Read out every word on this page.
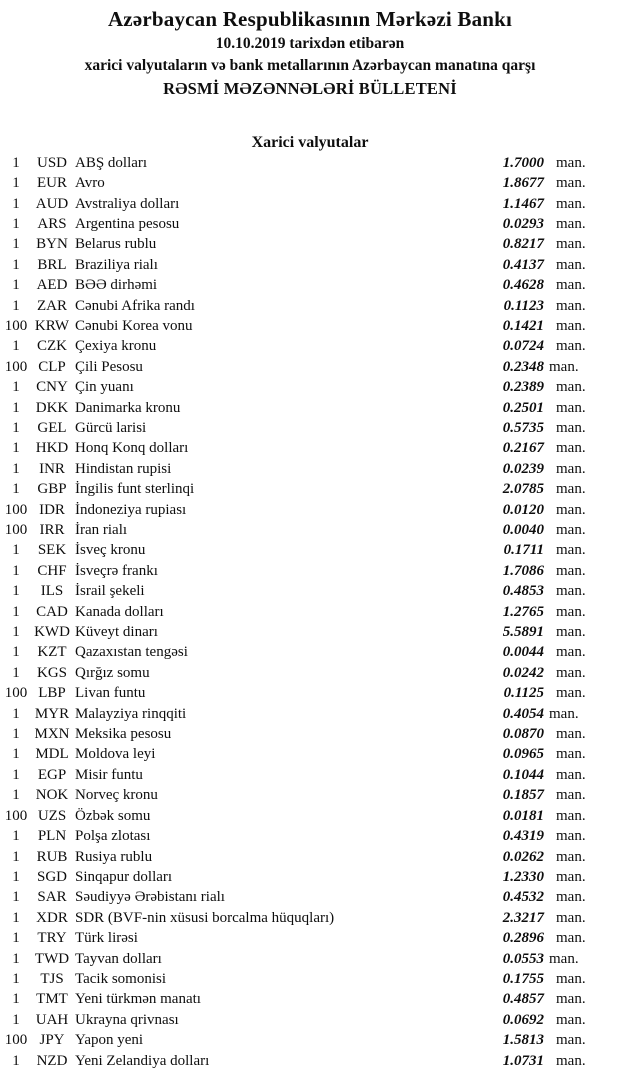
Azərbaycan Respublikasının Mərkəzi Bankı
10.10.2019 tarixdən etibarən
xarici valyutaların və bank metallarının Azərbaycan manatına qarşı
RƏSMİ MƏZƏNNƏLƏRİ BÜLLETENİ
Xarici valyutalar
1	USD ABŞ dolları	1.7000 man.
1	EUR Avro	1.8677 man.
1	AUD Avstraliya dolları	1.1467 man.
1	ARS Argentina pesosu	0.0293 man.
1	BYN Belarus rublu	0.8217 man.
1	BRL Braziliya rialı	0.4137 man.
1	AED BƏƏ dirhəmi	0.4628 man.
1	ZAR Cənubi Afrika randı	0.1123 man.
100 KRW Cənubi Korea vonu	0.1421 man.
1	CZK Çexiya kronu	0.0724 man.
100 CLP Çili Pesosu	0.2348 man.
1	CNY Çin yuanı	0.2389 man.
1	DKK Danimarka kronu	0.2501 man.
1	GEL Gürcü larisi	0.5735 man.
1	HKD Honq Konq dolları	0.2167 man.
1	INR Hindistan rupisi	0.0239 man.
1	GBP İngilis funt sterlinqi	2.0785 man.
100 IDR İndoneziya rupiası	0.0120 man.
100 IRR İran rialı	0.0040 man.
1	SEK İsveç kronu	0.1711 man.
1	CHF İsveçrə frankı	1.7086 man.
1	ILS İsrail şekeli	0.4853 man.
1	CAD Kanada dolları	1.2765 man.
1 KWD Küveyt dinarı	5.5891 man.
1	KZT Qazaxıstan tengəsi	0.0044 man.
1	KGS Qırğız somu	0.0242 man.
100 LBP Livan funtu	0.1125 man.
1	MYR Malayziya rinqqiti	0.4054 man.
1 MXN Meksika pesosu	0.0870 man.
1	MDL Moldova leyi	0.0965 man.
1	EGP Misir funtu	0.1044 man.
1	NOK Norveç kronu	0.1857 man.
100 UZS Özbək somu	0.0181 man.
1	PLN Polşa zlotası	0.4319 man.
1	RUB Rusiya rublu	0.0262 man.
1	SGD Sinqapur dolları	1.2330 man.
1	SAR Səudiyyə Ərəbistanı rialı	0.4532 man.
1	XDR SDR (BVF-nin xüsusi borcalma hüquqları)	2.3217 man.
1	TRY Türk lirəsi	0.2896 man.
1	TWD Tayvan dolları	0.0553 man.
1	TJS Tacik somonisi	0.1755 man.
1	TMT Yeni türkmən manatı	0.4857 man.
1	UAH Ukrayna qrivnası	0.0692 man.
100 JPY Yapon yeni	1.5813 man.
1	NZD Yeni Zelandiya dolları	1.0731 man.
